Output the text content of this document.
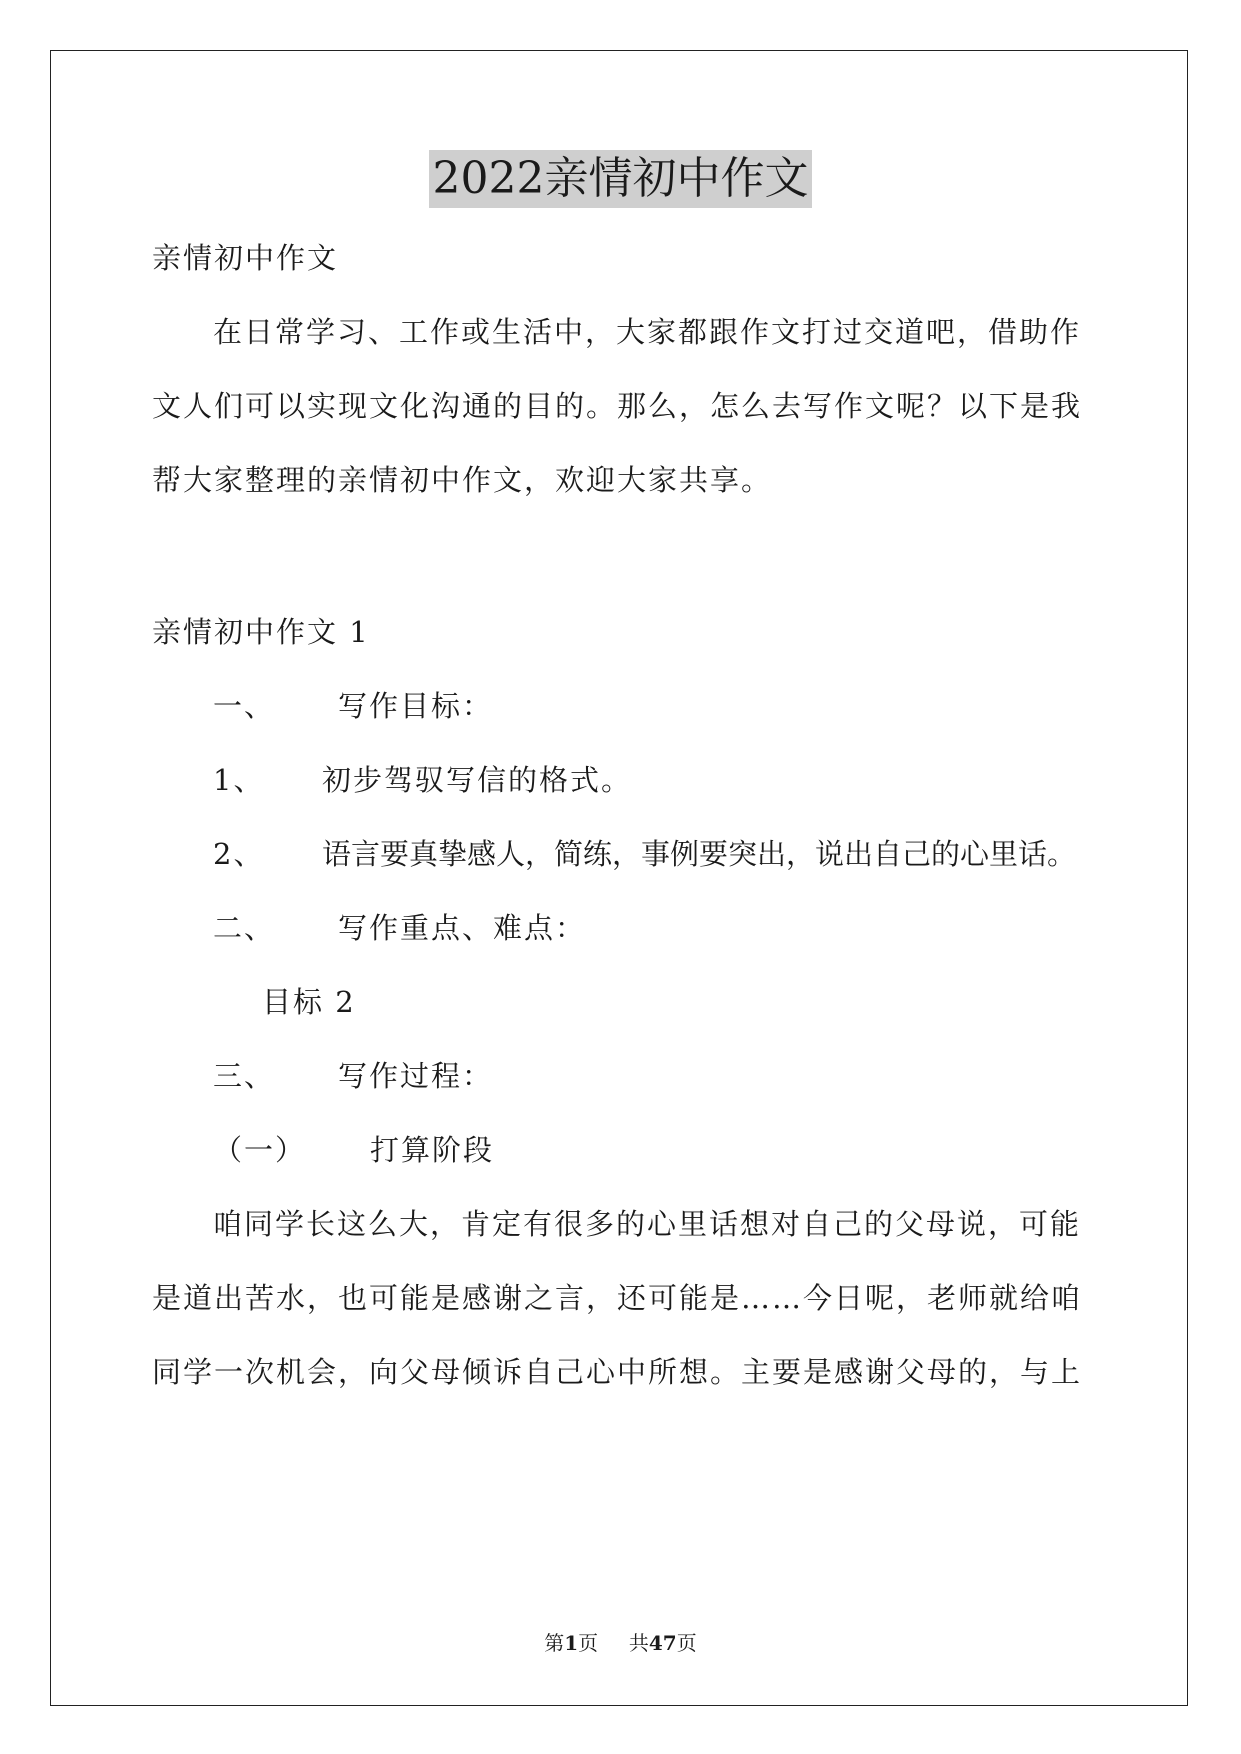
2022亲情初中作文
亲情初中作文
在日常学习、工作或生活中，大家都跟作文打过交道吧，借助作
文人们可以实现文化沟通的目的。那么，怎么去写作文呢？以下是我
帮大家整理的亲情初中作文，欢迎大家共享。
亲情初中作文 1
一、 写作目标：
1、 初步驾驭写信的格式。
2、 语言要真挚感人，简练，事例要突出，说出自己的心里话。
二、 写作重点、难点：
目标 2
三、 写作过程：
（一） 打算阶段
咱同学长这么大，肯定有很多的心里话想对自己的父母说，可能
是道出苦水，也可能是感谢之言，还可能是……今日呢，老师就给咱
同学一次机会，向父母倾诉自己心中所想。主要是感谢父母的，与上
第1页 共47页
